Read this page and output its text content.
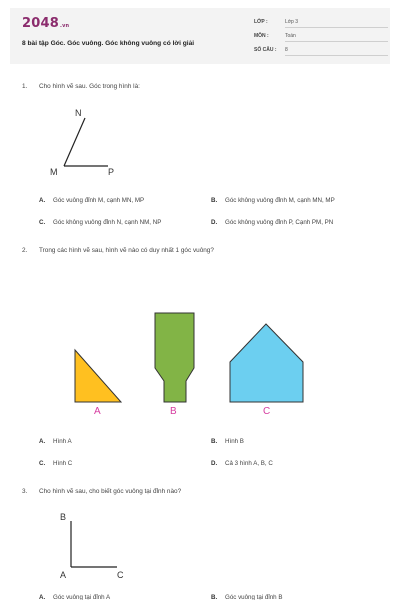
2048.vn
8 bài tập Góc. Góc vuông. Góc không vuông có lời giải
LỚP :	Lớp 3
MÔN :	Toán
SỐ CÂU : 8
1. Cho hình vẽ sau. Góc trong hình là:
N
M	P
A. Góc vuông đỉnh M, cạnh MN, MP	B. Góc không vuông đỉnh M, cạnh MN, MP
C. Góc không vuông đỉnh N, cạnh NM, NP	D. Góc không vuông đỉnh P, Cạnh PM, PN
2. Trong các hình vẽ sau, hình vẽ nào có duy nhất 1 góc vuông?
A	B	C
A. Hình A	B. Hình B
C. Hình C	D. Cả 3 hình A, B, C
3. Cho hình vẽ sau, cho biết góc vuông tại đỉnh nào?
B
A	C
A. Góc vuông tại đỉnh A	B. Góc vuông tại đỉnh B
